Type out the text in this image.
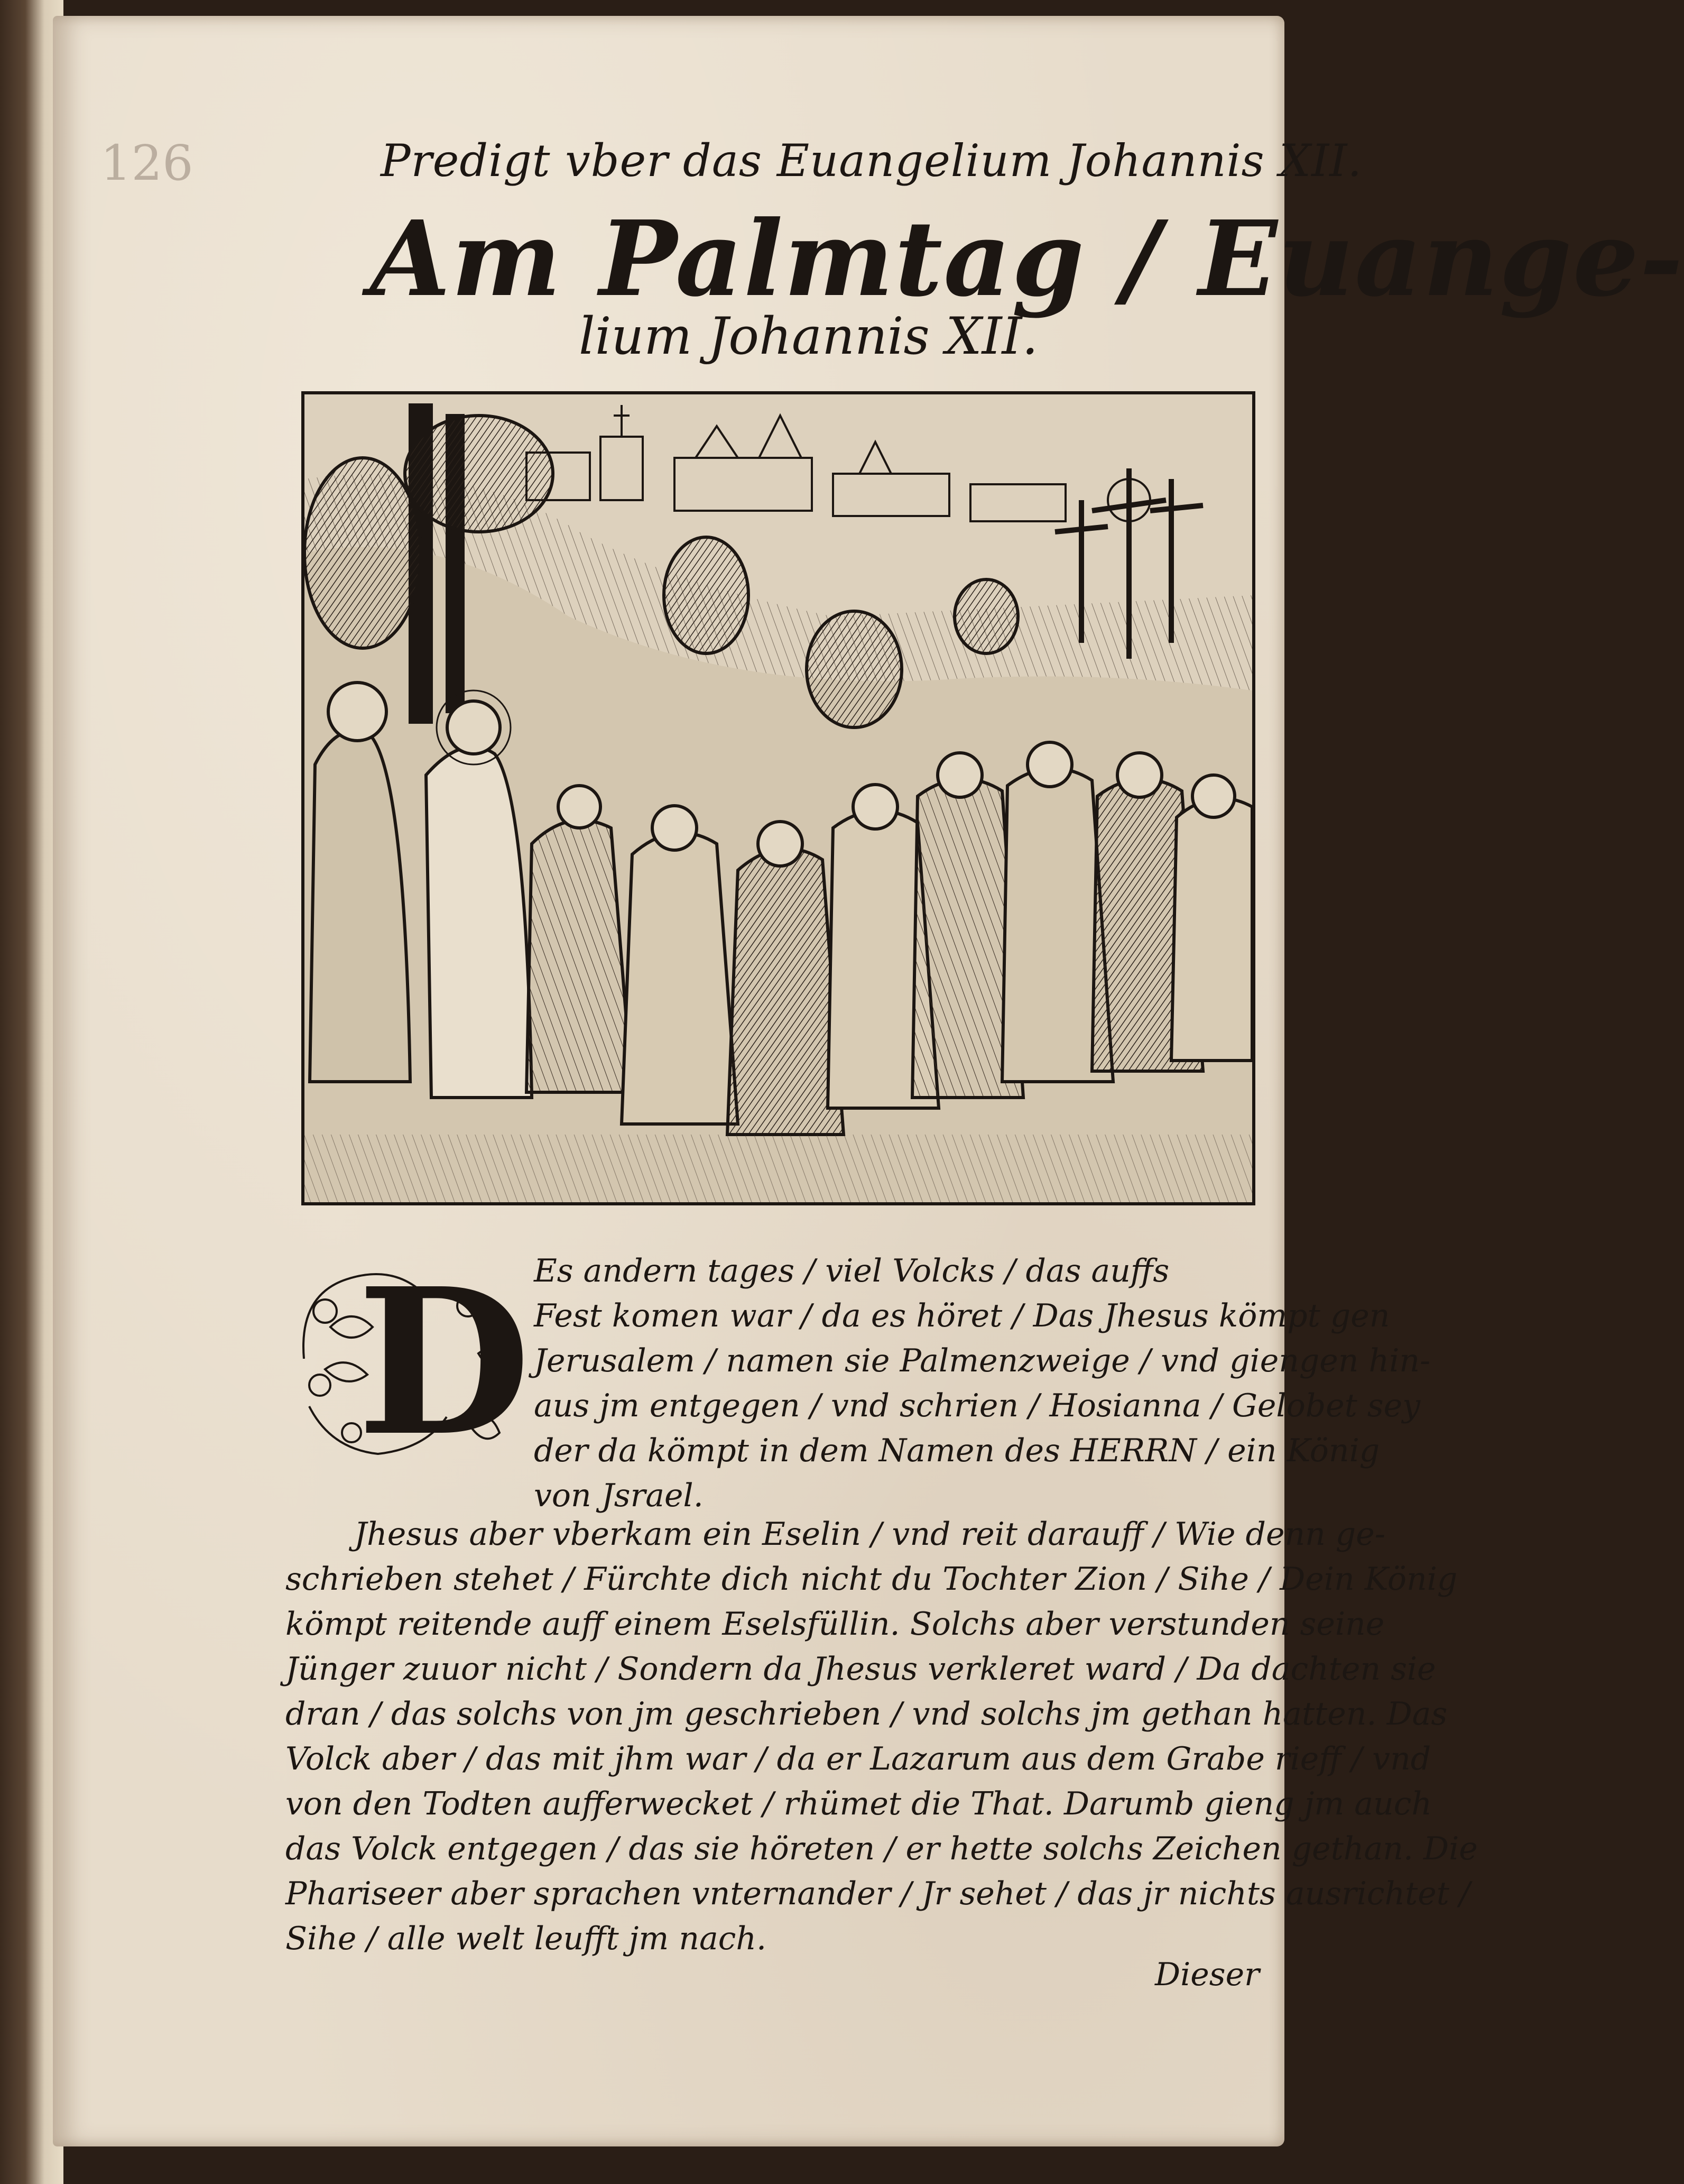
126	Predigt vber das Euangelium Johannis XII.
Am Palmtag / Euange-
lium Johannis XII.
D Es andern tages / viel Volcks / das auffs
Fest komen war / da es höret / Das Jhesus kömpt gen
Jerusalem / namen sie Palmenzweige / vnd giengen hin-
aus jm entgegen / vnd schrien / Hosianna / Gelobet sey
der da kömpt in dem Namen des HERRN / ein König
von Jsrael.
Jhesus aber vberkam ein Eselin / vnd reit darauff / Wie denn ge-
schrieben stehet / Fürchte dich nicht du Tochter Zion / Sihe / Dein König
kömpt reitende auff einem Eselsfüllin. Solchs aber verstunden seine
Jünger zuuor nicht / Sondern da Jhesus verkleret ward / Da dachten sie
dran / das solchs von jm geschrieben / vnd solchs jm gethan hatten. Das
Volck aber / das mit jhm war / da er Lazarum aus dem Grabe rieff / vnd
von den Todten aufferwecket / rhümet die That. Darumb gieng jm auch
das Volck entgegen / das sie höreten / er hette solchs Zeichen gethan. Die
Phariseer aber sprachen vnternander / Jr sehet / das jr nichts ausrichtet /
Sihe / alle welt leufft jm nach.
Dieser
